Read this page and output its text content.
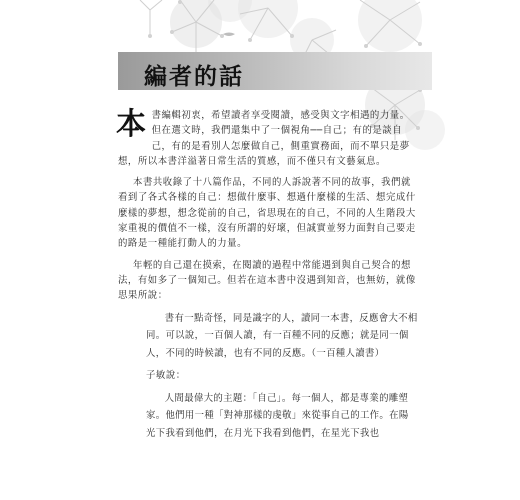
編者的話

本書編輯初衷，希望讀者享受閱讀，感受與文字相遇的力量。但在選文時，我們還集中了一個視角──自己；有的是談自己，有的是看別人怎麼做自己，側重實務面，而不單只是夢想，所以本書洋溢著日常生活的質感，而不僅只有文藝氣息。

本書共收錄了十八篇作品，不同的人訴說著不同的故事，我們就看到了各式各樣的自己：想做什麼事、想過什麼樣的生活、想完成什麼樣的夢想，想念從前的自己，省思現在的自己，不同的人生階段大家重視的價值不一樣，沒有所謂的好壞，但誠實並努力面對自己要走的路是一種能打動人的力量。

年輕的自己還在摸索，在閱讀的過程中常能遇到與自己契合的想法，有如多了一個知己。但若在這本書中沒遇到知音，也無妨，就像思果所說：

書有一點奇怪，同是識字的人，讀同一本書，反應會大不相同。可以說，一百個人讀，有一百種不同的反應；就是同一個人，不同的時候讀，也有不同的反應。（一百種人讀書）

子敏說：

人間最偉大的主題：「自己」。每一個人，都是專業的雕塑家。他們用一種「對神那樣的虔敬」來從事自己的工作。在陽光下我看到他們，在月光下我看到他們，在星光下我也
